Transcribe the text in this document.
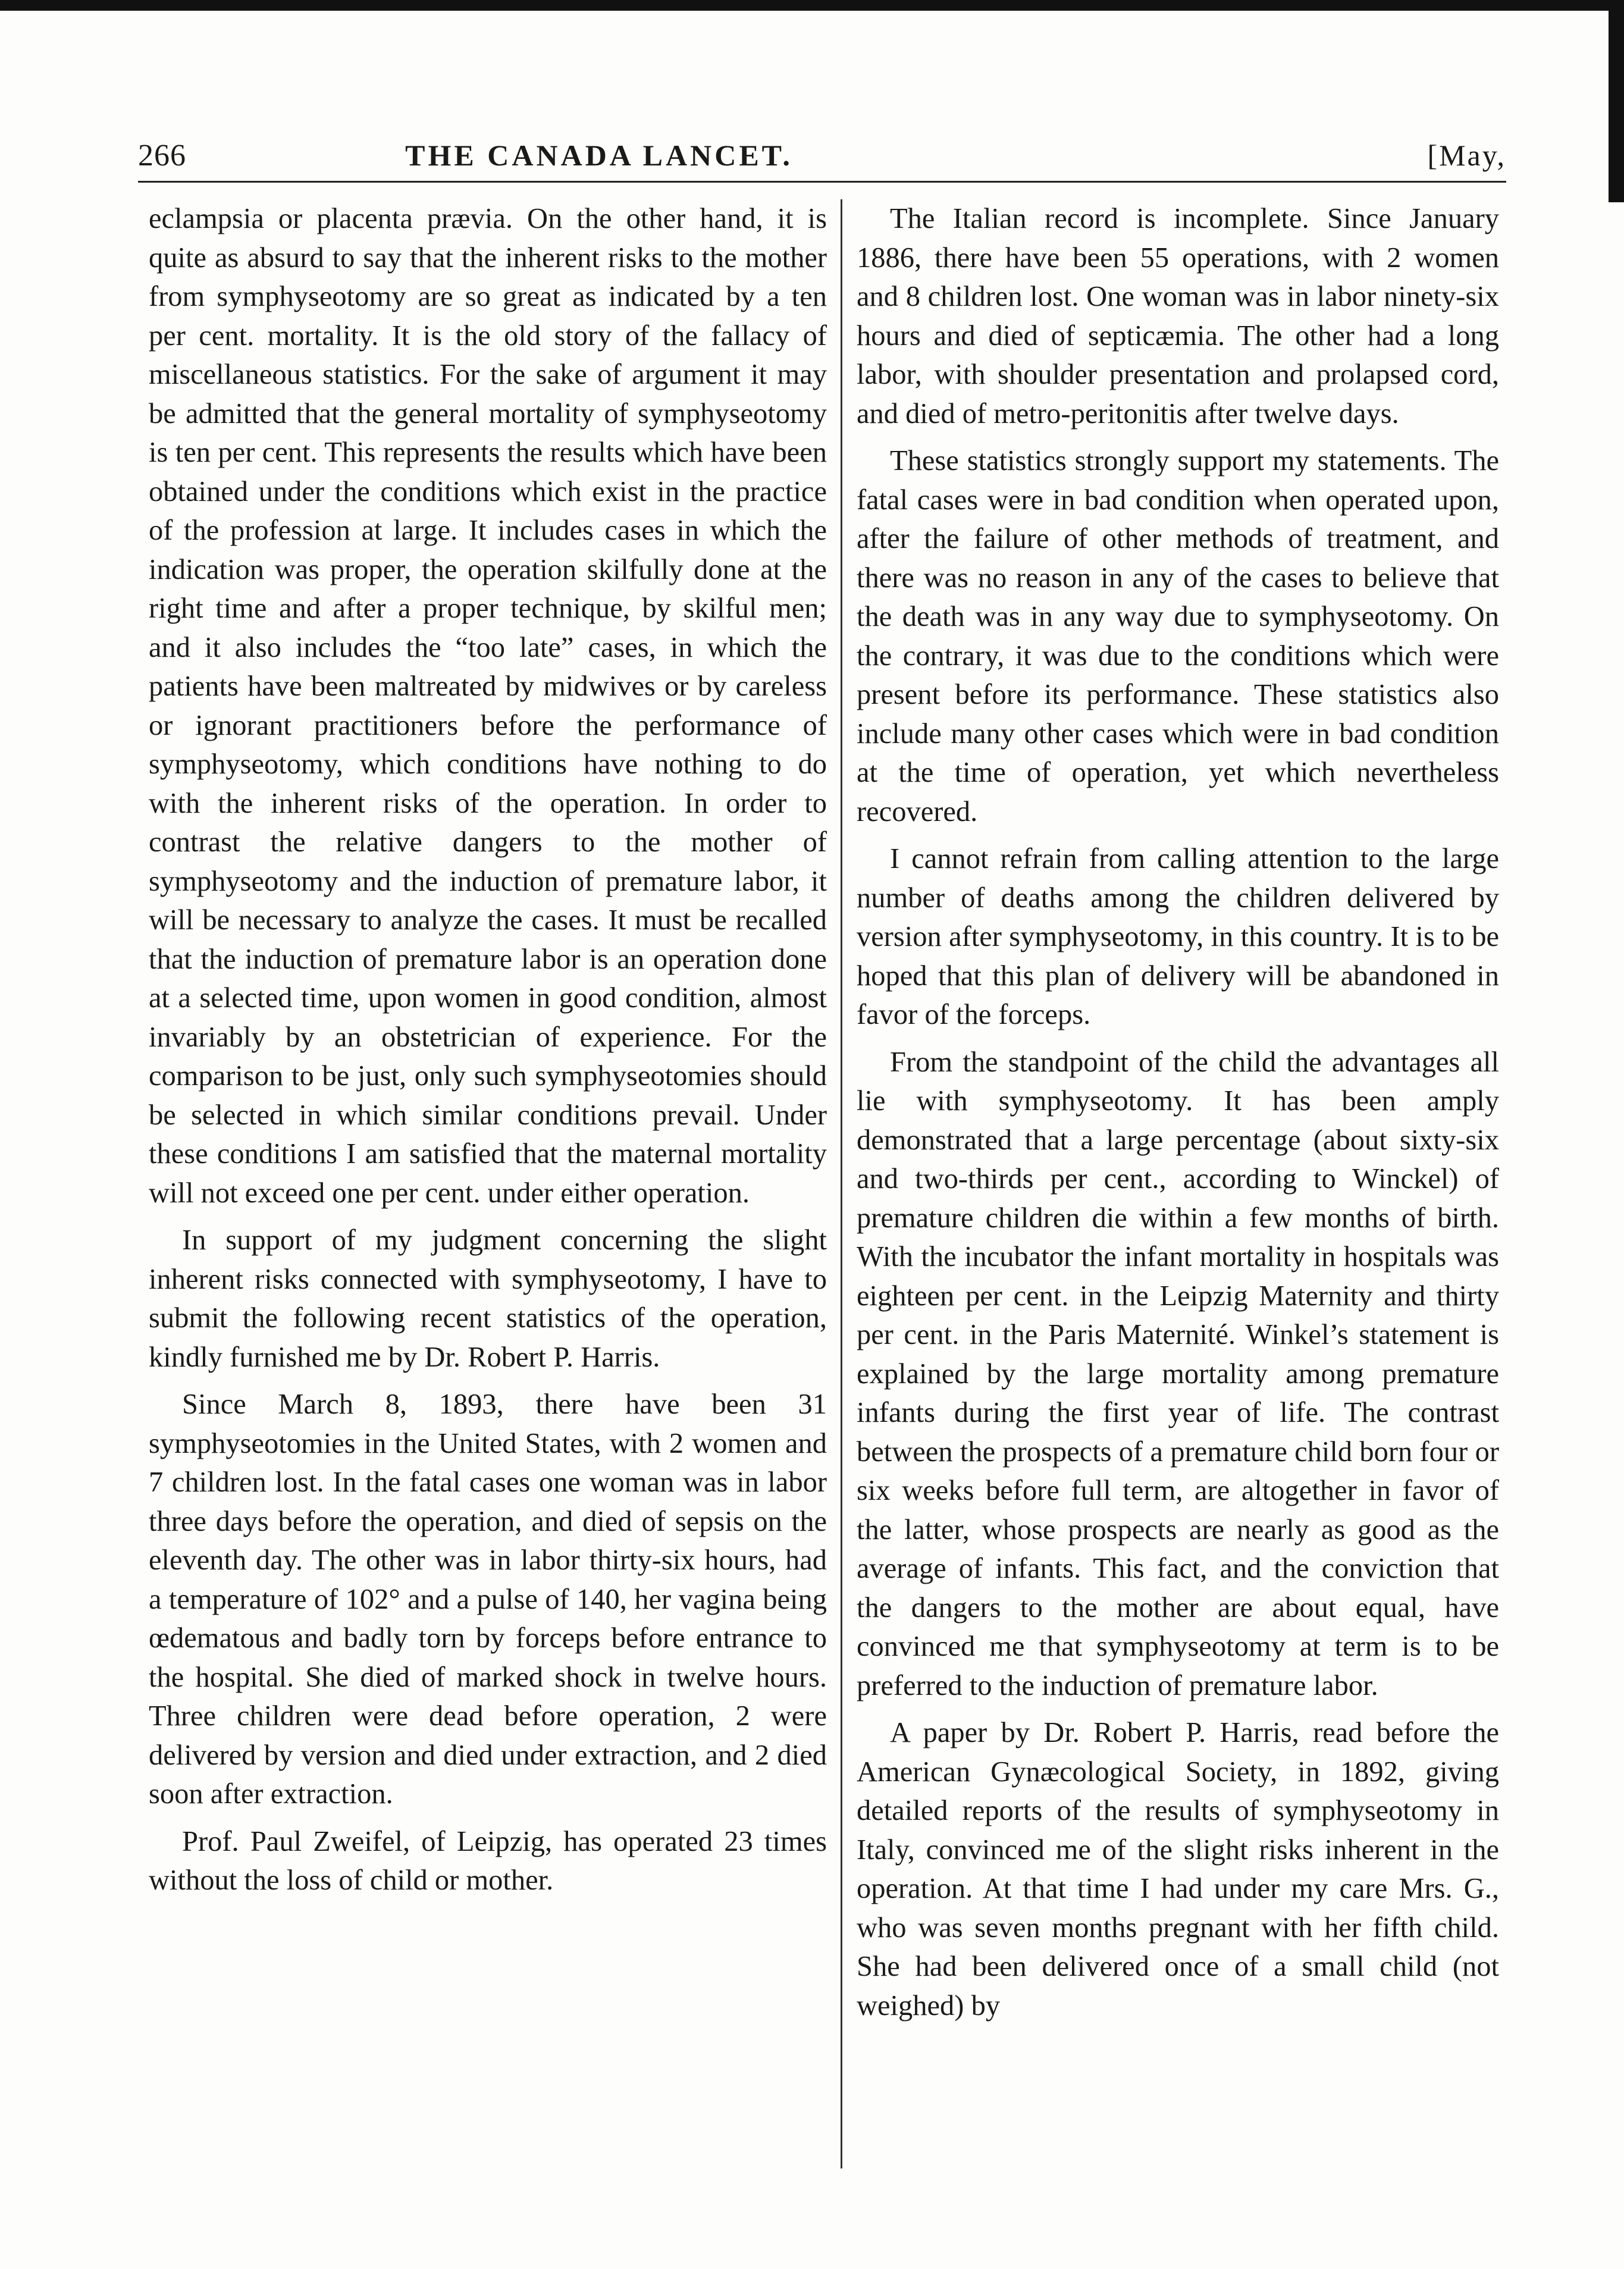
266	THE CANADA LANCET.	[May,

eclampsia or placenta prævia. On the other hand, it is quite as absurd to say that the inherent risks to the mother from symphyseotomy are so great as indicated by a ten per cent. mortality. It is the old story of the fallacy of miscellaneous statistics. For the sake of argument it may be admitted that the general mortality of symphyseotomy is ten per cent. This represents the results which have been obtained under the conditions which exist in the practice of the profession at large. It includes cases in which the indication was proper, the operation skilfully done at the right time and after a proper technique, by skilful men; and it also includes the “too late” cases, in which the patients have been maltreated by midwives or by careless or ignorant practitioners before the performance of symphyseotomy, which conditions have nothing to do with the inherent risks of the operation. In order to contrast the relative dangers to the mother of symphyseotomy and the induction of premature labor, it will be necessary to analyze the cases. It must be recalled that the induction of premature labor is an operation done at a selected time, upon women in good condition, almost invariably by an obstetrician of experience. For the comparison to be just, only such symphyseotomies should be selected in which similar conditions prevail. Under these conditions I am satisfied that the maternal mortality will not exceed one per cent. under either operation.

In support of my judgment concerning the slight inherent risks connected with symphyseotomy, I have to submit the following recent statistics of the operation, kindly furnished me by Dr. Robert P. Harris.

Since March 8, 1893, there have been 31 symphyseotomies in the United States, with 2 women and 7 children lost. In the fatal cases one woman was in labor three days before the operation, and died of sepsis on the eleventh day. The other was in labor thirty-six hours, had a temperature of 102° and a pulse of 140, her vagina being œdematous and badly torn by forceps before entrance to the hospital. She died of marked shock in twelve hours. Three children were dead before operation, 2 were delivered by version and died under extraction, and 2 died soon after extraction.

Prof. Paul Zweifel, of Leipzig, has operated 23 times without the loss of child or mother.

The Italian record is incomplete. Since January 1886, there have been 55 operations, with 2 women and 8 children lost. One woman was in labor ninety-six hours and died of septicæmia. The other had a long labor, with shoulder presentation and prolapsed cord, and died of metro-peritonitis after twelve days.

These statistics strongly support my statements. The fatal cases were in bad condition when operated upon, after the failure of other methods of treatment, and there was no reason in any of the cases to believe that the death was in any way due to symphyseotomy. On the contrary, it was due to the conditions which were present before its performance. These statistics also include many other cases which were in bad condition at the time of operation, yet which nevertheless recovered.

I cannot refrain from calling attention to the large number of deaths among the children delivered by version after symphyseotomy, in this country. It is to be hoped that this plan of delivery will be abandoned in favor of the forceps.

From the standpoint of the child the advantages all lie with symphyseotomy. It has been amply demonstrated that a large percentage (about sixty-six and two-thirds per cent., according to Winckel) of premature children die within a few months of birth. With the incubator the infant mortality in hospitals was eighteen per cent. in the Leipzig Maternity and thirty per cent. in the Paris Maternité. Winkel’s statement is explained by the large mortality among premature infants during the first year of life. The contrast between the prospects of a premature child born four or six weeks before full term, are altogether in favor of the latter, whose prospects are nearly as good as the average of infants. This fact, and the conviction that the dangers to the mother are about equal, have convinced me that symphyseotomy at term is to be preferred to the induction of premature labor.

A paper by Dr. Robert P. Harris, read before the American Gynæcological Society, in 1892, giving detailed reports of the results of symphyseotomy in Italy, convinced me of the slight risks inherent in the operation. At that time I had under my care Mrs. G., who was seven months pregnant with her fifth child. She had been delivered once of a small child (not weighed) by
